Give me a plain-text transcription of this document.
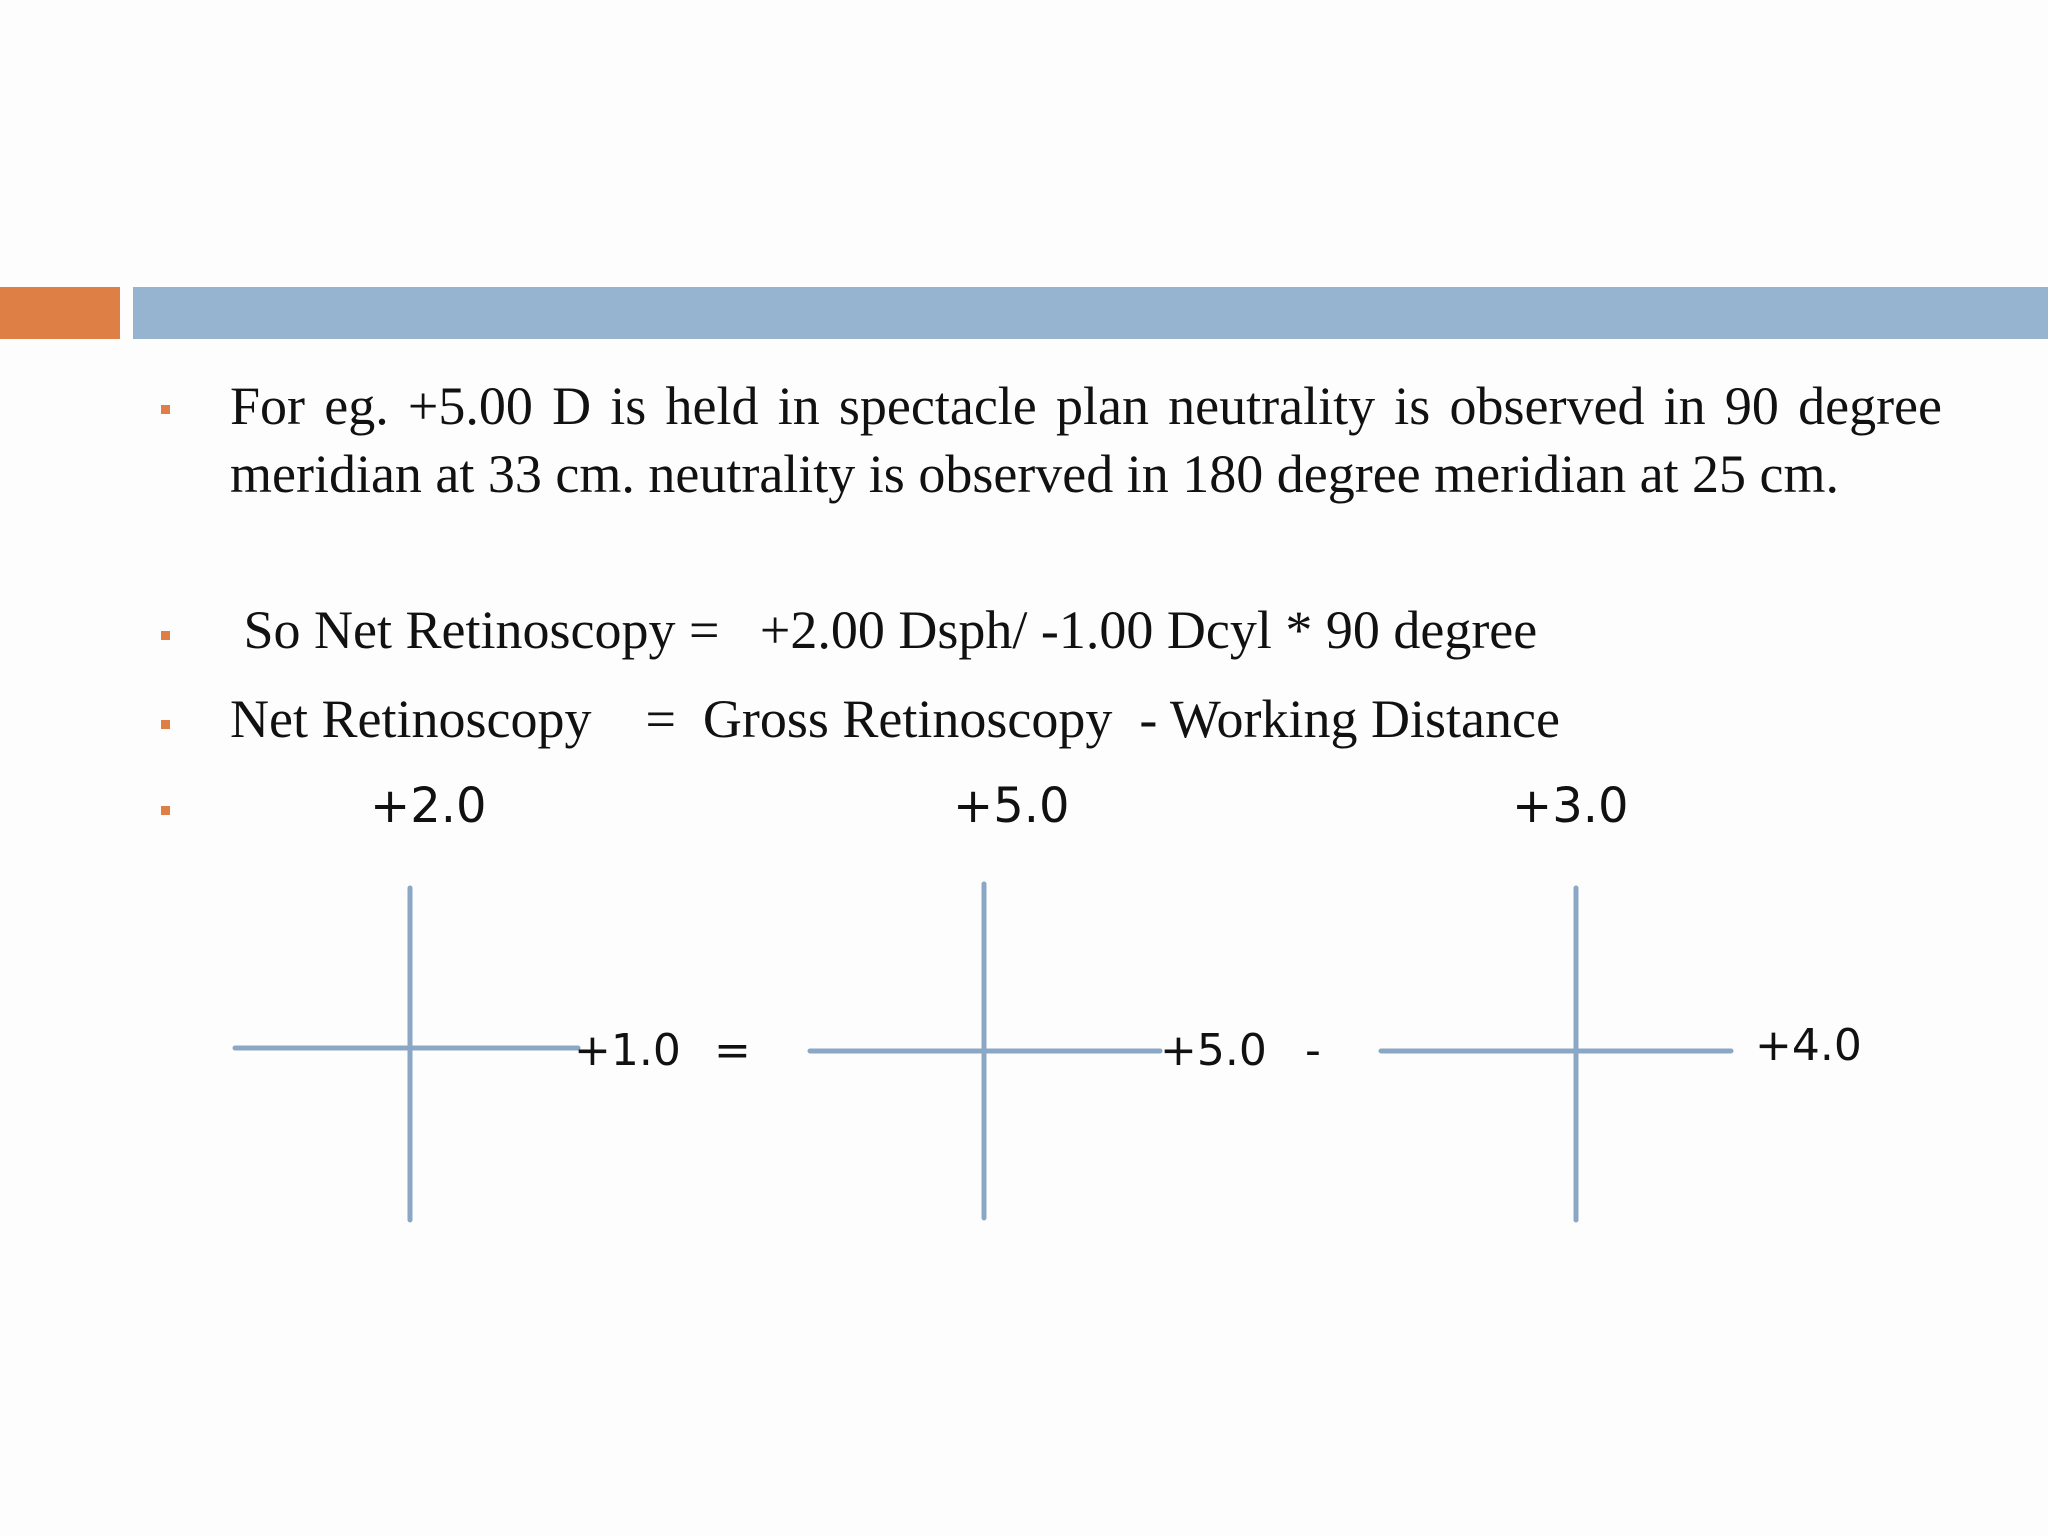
For eg. +5.00 D is held in spectacle plan neutrality is observed in 90 degree meridian at 33 cm. neutrality is observed in 180 degree meridian at 25 cm.

So Net Retinoscopy =   +2.00 Dsph/ -1.00 Dcyl * 90 degree
Net Retinoscopy    =  Gross Retinoscopy  - Working Distance
+2.0	+5.0	+3.0
+1.0 =	+5.0 -	+4.0
